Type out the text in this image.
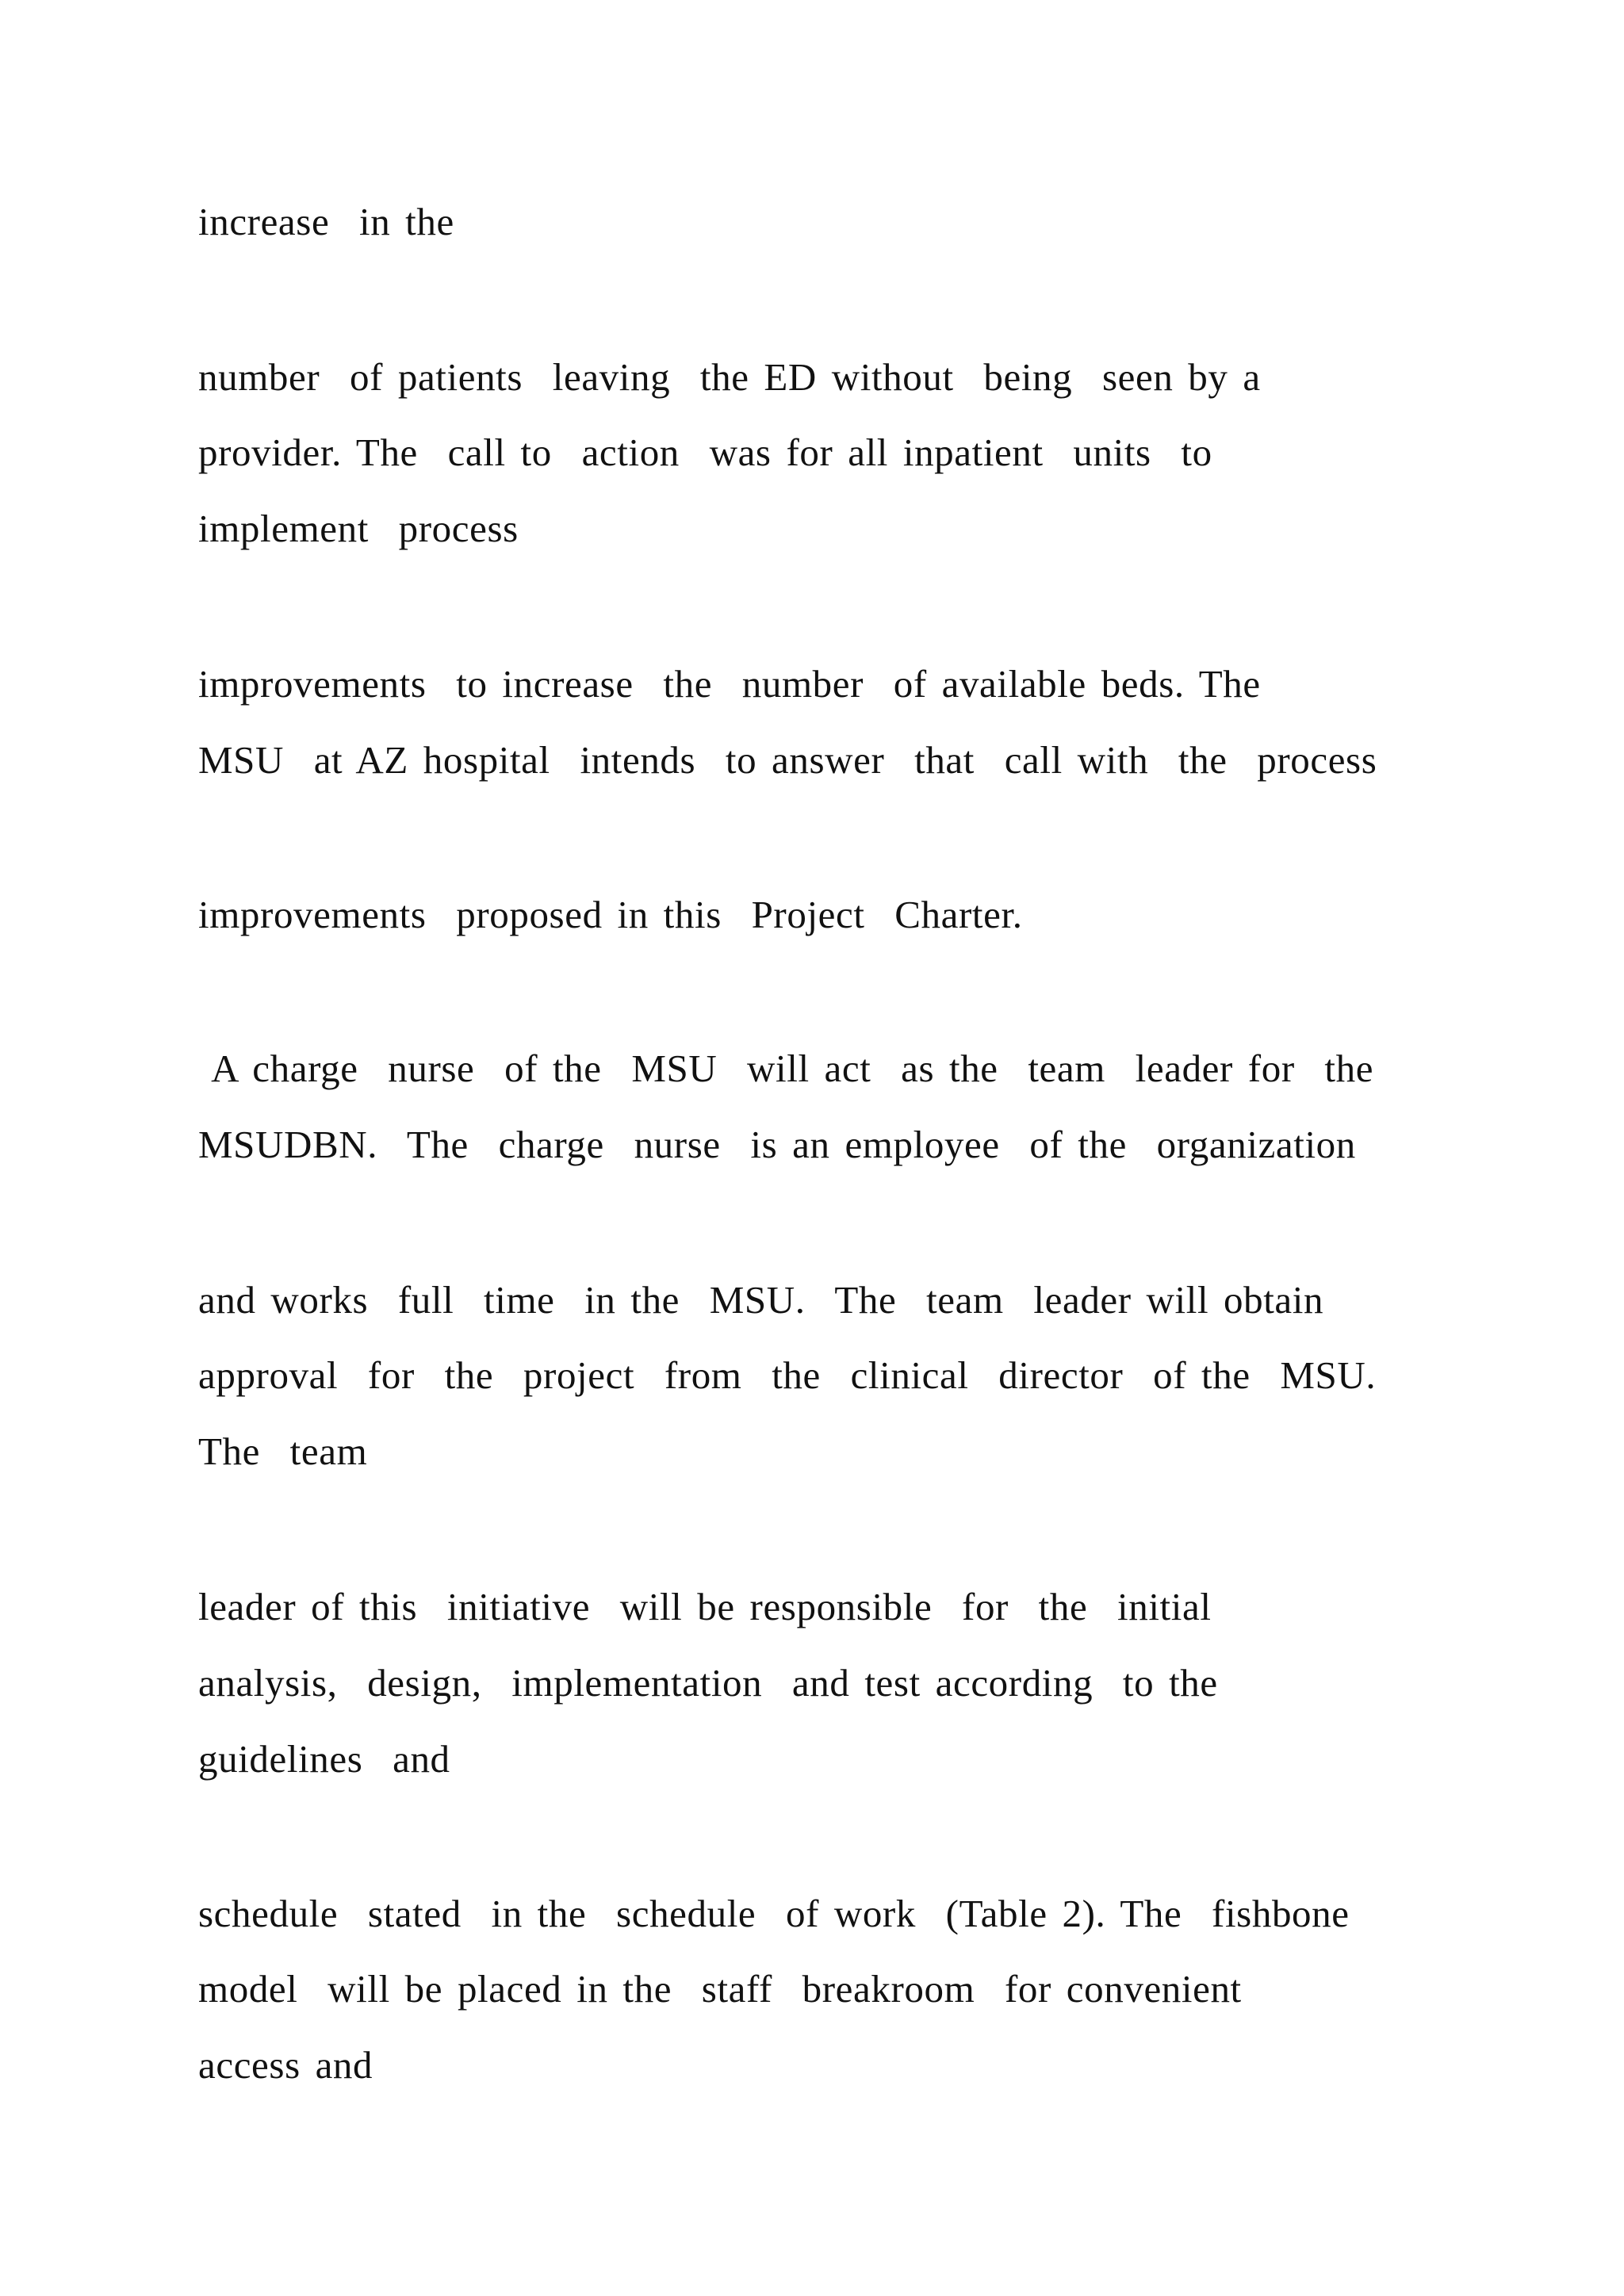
increase  in the

number  of patients  leaving  the ED without  being  seen by a

provider. The  call to  action  was for all inpatient  units  to

implement  process

improvements  to increase  the  number  of available beds. The

MSU  at AZ hospital  intends  to answer  that  call with  the  process

improvements  proposed in this  Project  Charter.

A charge  nurse  of the  MSU  will act  as the  team  leader for  the

MSUDBN.  The  charge  nurse  is an employee  of the  organization

and works  full  time  in the  MSU.  The  team  leader will obtain

approval  for  the  project  from  the  clinical  director  of the  MSU.

The  team

leader of this  initiative  will be responsible  for  the  initial

analysis,  design,  implementation  and test according  to the

guidelines  and

schedule  stated  in the  schedule  of work  (Table 2). The  fishbone

model  will be placed in the  staff  breakroom  for convenient

access and
